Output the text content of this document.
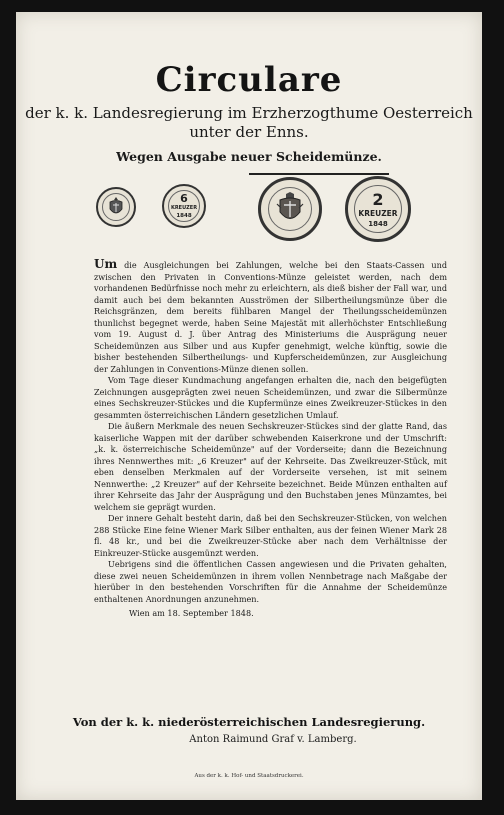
Circulare
der k. k. Landesregierung im Erzherzogthume Oesterreich
unter der Enns.
Wegen Ausgabe neuer Scheidemünze.
6
KREUZER
1848
2
KREUZER
1848

Um die Ausgleichungen bei Zahlungen, welche bei den Staats-Cassen und zwischen den Privaten in Conventions-Münze geleistet werden, nach dem vorhandenen Bedürfnisse noch mehr zu erleichtern, als dieß bisher der Fall war, und damit auch bei dem bekannten Ausströmen der Silbertheilungsmünze über die Reichsgränzen, dem bereits fühlbaren Mangel der Theilungsscheidemünzen thunlichst begegnet werde, haben Seine Majestät mit allerhöchster Entschließung vom 19. August d. J. über Antrag des Ministeriums die Ausprägung neuer Scheidemünzen aus Silber und aus Kupfer genehmigt, welche künftig, sowie die bisher bestehenden Silbertheilungs- und Kupferscheidemünzen, zur Ausgleichung der Zahlungen in Conventions-Münze dienen sollen.

Vom Tage dieser Kundmachung angefangen erhalten die, nach den beigefügten Zeichnungen ausgeprägten zwei neuen Scheidemünzen, und zwar die Silbermünze eines Sechskreuzer-Stückes und die Kupfermünze eines Zweikreuzer-Stückes in den gesammten österreichischen Ländern gesetzlichen Umlauf.

Die äußern Merkmale des neuen Sechskreuzer-Stückes sind der glatte Rand, das kaiserliche Wappen mit der darüber schwebenden Kaiserkrone und der Umschrift: „k. k. österreichische Scheidemünze" auf der Vorderseite; dann die Bezeichnung ihres Nennwerthes mit: „6 Kreuzer" auf der Kehrseite. Das Zweikreuzer-Stück, mit eben denselben Merkmalen auf der Vorderseite versehen, ist mit seinem Nennwerthe: „2 Kreuzer" auf der Kehrseite bezeichnet. Beide Münzen enthalten auf ihrer Kehrseite das Jahr der Ausprägung und den Buchstaben jenes Münzamtes, bei welchem sie geprägt wurden.

Der innere Gehalt besteht darin, daß bei den Sechskreuzer-Stücken, von welchen 288 Stücke Eine feine Wiener Mark Silber enthalten, aus der feinen Wiener Mark 28 fl. 48 kr., und bei die Zweikreuzer-Stücke aber nach dem Verhältnisse der Einkreuzer-Stücke ausgemünzt werden.

Uebrigens sind die öffentlichen Cassen angewiesen und die Privaten gehalten, diese zwei neuen Scheidemünzen in ihrem vollen Nennbetrage nach Maßgabe der hierüber in den bestehenden Vorschriften für die Annahme der Scheidemünze enthaltenen Anordnungen anzunehmen.

Wien am 18. September 1848.

Von der k. k. niederösterreichischen Landesregierung.
Anton Raimund Graf v. Lamberg.
Aus der k. k. Hof- und Staatsdruckerei.
